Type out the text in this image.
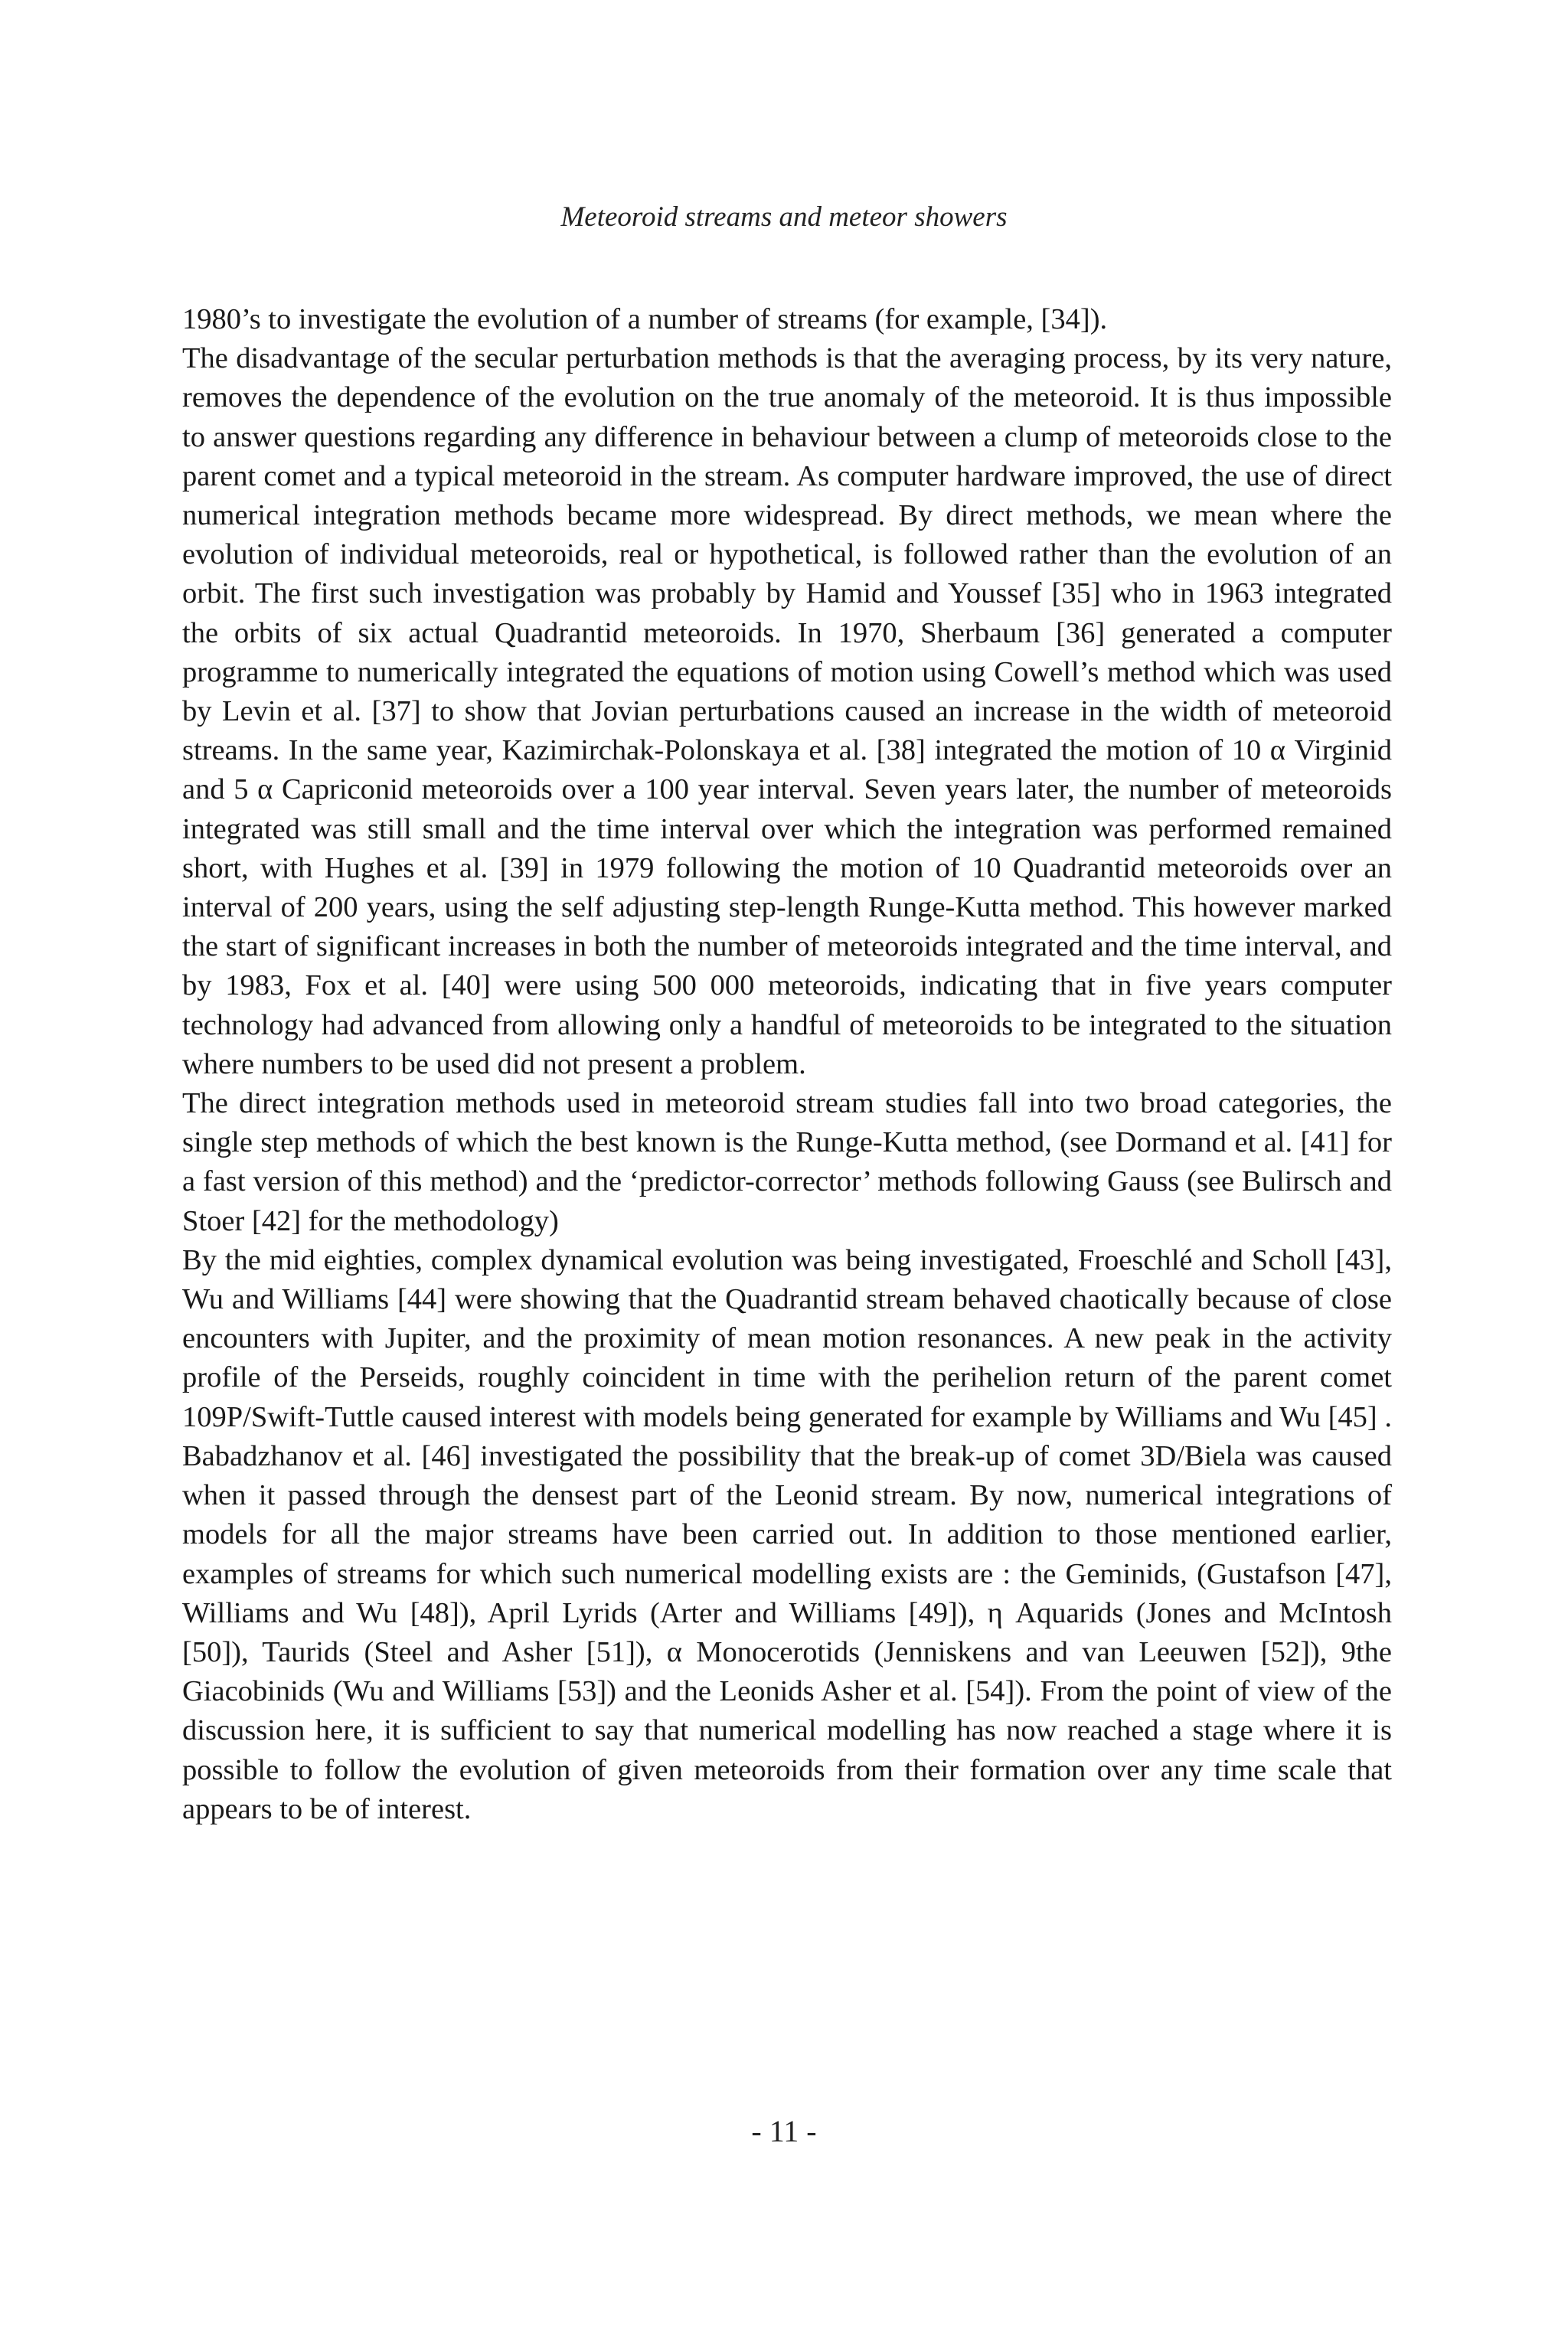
Meteoroid streams and meteor showers

1980’s to investigate the evolution of a number of streams (for example, [34]).

The disadvantage of the secular perturbation methods is that the averaging process, by its very nature, removes the dependence of the evolution on the true anomaly of the meteoroid. It is thus impossible to answer questions regarding any difference in behaviour between a clump of meteoroids close to the parent comet and a typical meteoroid in the stream. As computer hardware improved, the use of direct numerical integration methods became more widespread. By direct methods, we mean where the evolution of individual meteoroids, real or hypothetical, is followed rather than the evolution of an orbit. The first such investigation was probably by Hamid and Youssef [35] who in 1963 integrated the orbits of six actual Quadrantid meteoroids. In 1970, Sherbaum [36] generated a computer programme to numerically integrated the equations of motion using Cowell’s method which was used by Levin et al. [37] to show that Jovian perturbations caused an increase in the width of meteoroid streams. In the same year, Kazimirchak-Polonskaya et al. [38] integrated the motion of 10 α Virginid and 5 α Capriconid meteoroids over a 100 year interval. Seven years later, the number of meteoroids integrated was still small and the time interval over which the integration was performed remained short, with Hughes et al. [39] in 1979 following the motion of 10 Quadrantid meteoroids over an interval of 200 years, using the self adjusting step-length Runge-Kutta method. This however marked the start of significant increases in both the number of meteoroids integrated and the time interval, and by 1983, Fox et al. [40] were using 500 000 meteoroids, indicating that in five years computer technology had advanced from allowing only a handful of meteoroids to be integrated to the situation where numbers to be used did not present a problem.

The direct integration methods used in meteoroid stream studies fall into two broad categories, the single step methods of which the best known is the Runge-Kutta method, (see Dormand et al. [41] for a fast version of this method) and the ‘predictor-corrector’ methods following Gauss (see Bulirsch and Stoer [42] for the methodology)

By the mid eighties, complex dynamical evolution was being investigated, Froeschlé and Scholl [43], Wu and Williams [44] were showing that the Quadrantid stream behaved chaotically because of close encounters with Jupiter, and the proximity of mean motion resonances. A new peak in the activity profile of the Perseids, roughly coincident in time with the perihelion return of the parent comet 109P/Swift-Tuttle caused interest with models being generated for example by Williams and Wu [45] . Babadzhanov et al. [46] investigated the possibility that the break-up of comet 3D/Biela was caused when it passed through the densest part of the Leonid stream. By now, numerical integrations of models for all the major streams have been carried out. In addition to those mentioned earlier, examples of streams for which such numerical modelling exists are : the Geminids, (Gustafson [47], Williams and Wu [48]), April Lyrids (Arter and Williams [49]), η Aquarids (Jones and McIntosh [50]), Taurids (Steel and Asher [51]), α Monocerotids (Jenniskens and van Leeuwen [52]), 9the Giacobinids (Wu and Williams [53]) and the Leonids Asher et al. [54]). From the point of view of the discussion here, it is sufficient to say that numerical modelling has now reached a stage where it is possible to follow the evolution of given meteoroids from their formation over any time scale that appears to be of interest.

- 11 -
